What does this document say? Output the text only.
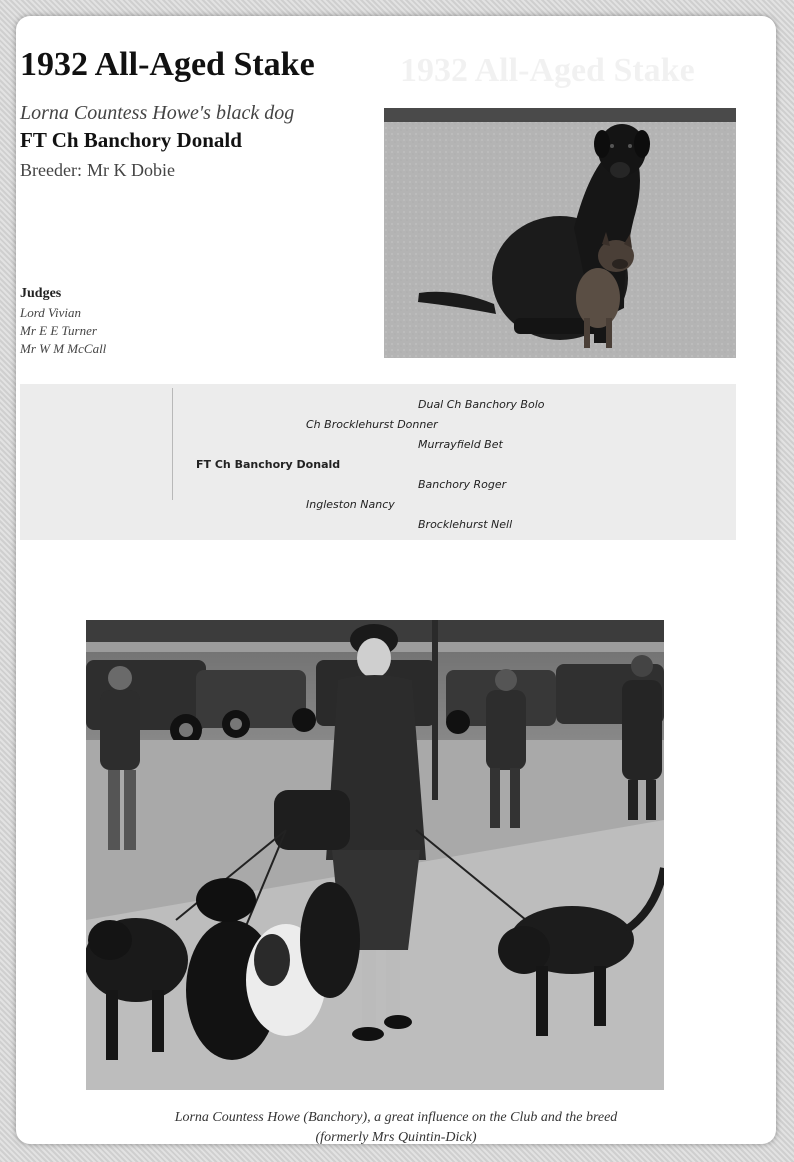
1932 All-Aged Stake
1932 All-Aged Stake
Lorna Countess Howe's black dog
FT Ch Banchory Donald
Breeder: Mr K Dobie
Judges
Lord Vivian
Mr E E Turner
Mr W M McCall
Dual Ch Banchory Bolo
Ch Brocklehurst Donner
Murrayfield Bet
FT Ch Banchory Donald
Banchory Roger
Ingleston Nancy
Brocklehurst Nell
Lorna Countess Howe (Banchory), a great influence on the Club and the breed
(formerly Mrs Quintin-Dick)
